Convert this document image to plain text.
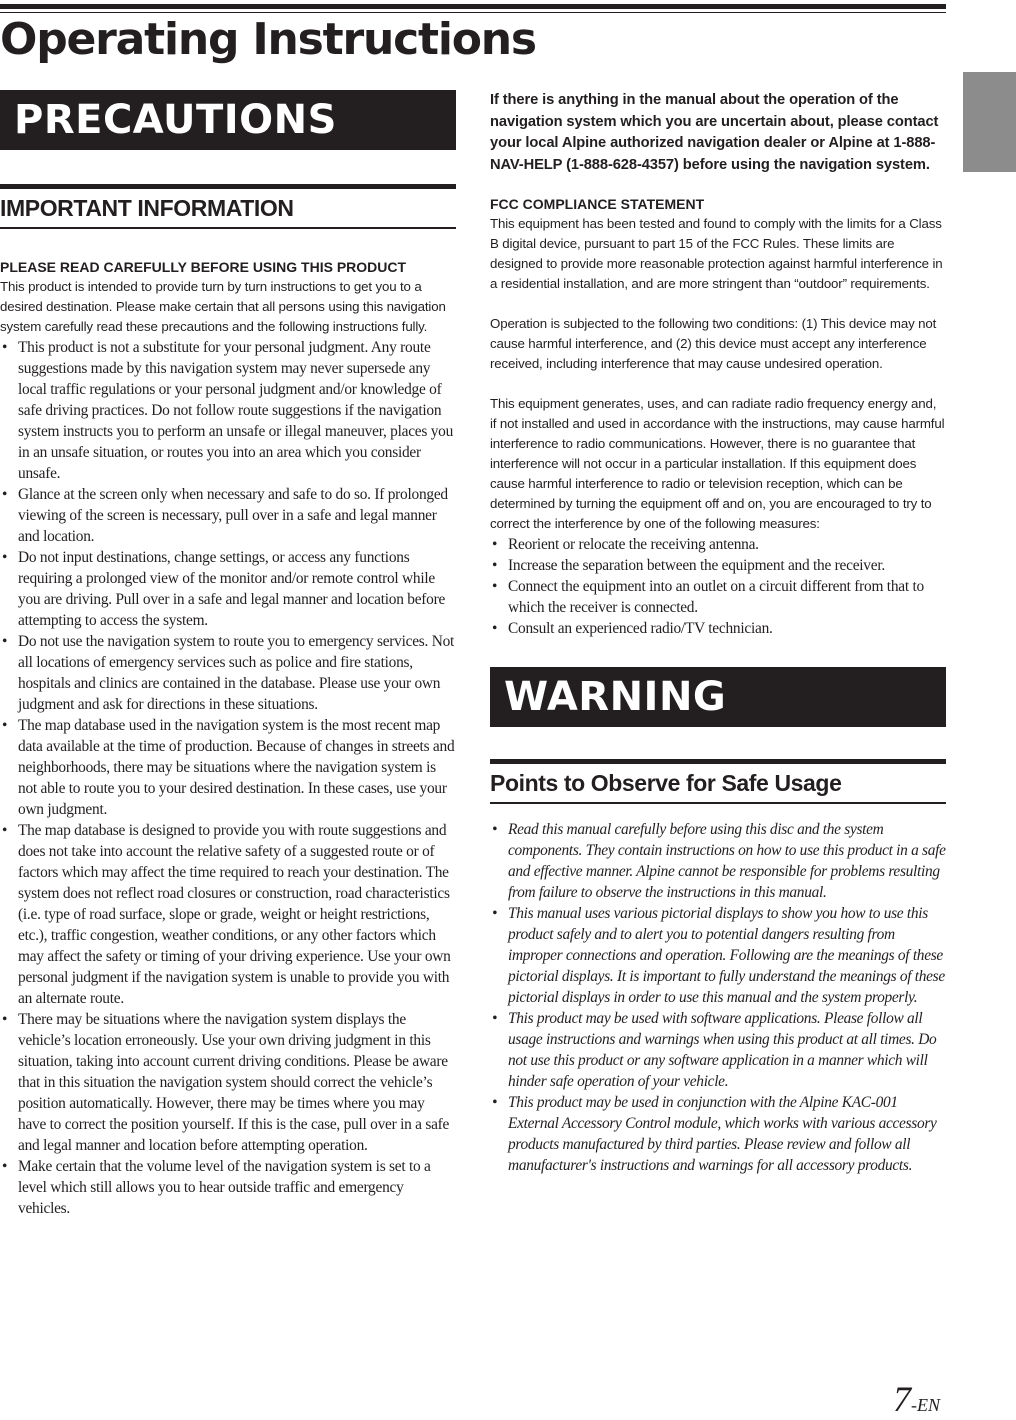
Operating Instructions
PRECAUTIONS
IMPORTANT INFORMATION

PLEASE READ CAREFULLY BEFORE USING THIS PRODUCT

This product is intended to provide turn by turn instructions to get you to a desired destination. Please make certain that all persons using this navigation system carefully read these precautions and the following instructions fully.

• This product is not a substitute for your personal judgment. Any route suggestions made by this navigation system may never supersede any local traffic regulations or your personal judgment and/or knowledge of safe driving practices. Do not follow route suggestions if the navigation system instructs you to perform an unsafe or illegal maneuver, places you in an unsafe situation, or routes you into an area which you consider unsafe.
• Glance at the screen only when necessary and safe to do so. If prolonged viewing of the screen is necessary, pull over in a safe and legal manner and location.
• Do not input destinations, change settings, or access any functions requiring a prolonged view of the monitor and/or remote control while you are driving. Pull over in a safe and legal manner and location before attempting to access the system.
• Do not use the navigation system to route you to emergency services. Not all locations of emergency services such as police and fire stations, hospitals and clinics are contained in the database. Please use your own judgment and ask for directions in these situations.
• The map database used in the navigation system is the most recent map data available at the time of production. Because of changes in streets and neighborhoods, there may be situations where the navigation system is not able to route you to your desired destination. In these cases, use your own judgment.
• The map database is designed to provide you with route suggestions and does not take into account the relative safety of a suggested route or of factors which may affect the time required to reach your destination. The system does not reflect road closures or construction, road characteristics (i.e. type of road surface, slope or grade, weight or height restrictions, etc.), traffic congestion, weather conditions, or any other factors which may affect the safety or timing of your driving experience. Use your own personal judgment if the navigation system is unable to provide you with an alternate route.
• There may be situations where the navigation system displays the vehicle’s location erroneously. Use your own driving judgment in this situation, taking into account current driving conditions. Please be aware that in this situation the navigation system should correct the vehicle’s position automatically. However, there may be times where you may have to correct the position yourself. If this is the case, pull over in a safe and legal manner and location before attempting operation.
• Make certain that the volume level of the navigation system is set to a level which still allows you to hear outside traffic and emergency vehicles.

If there is anything in the manual about the operation of the navigation system which you are uncertain about, please contact your local Alpine authorized navigation dealer or Alpine at 1-888-NAV-HELP (1-888-628-4357) before using the navigation system.

FCC COMPLIANCE STATEMENT

This equipment has been tested and found to comply with the limits for a Class B digital device, pursuant to part 15 of the FCC Rules. These limits are designed to provide more reasonable protection against harmful interference in a residential installation, and are more stringent than “outdoor” requirements.

Operation is subjected to the following two conditions: (1) This device may not cause harmful interference, and (2) this device must accept any interference received, including interference that may cause undesired operation.

This equipment generates, uses, and can radiate radio frequency energy and, if not installed and used in accordance with the instructions, may cause harmful interference to radio communications. However, there is no guarantee that interference will not occur in a particular installation. If this equipment does cause harmful interference to radio or television reception, which can be determined by turning the equipment off and on, you are encouraged to try to correct the interference by one of the following measures:

• Reorient or relocate the receiving antenna.
• Increase the separation between the equipment and the receiver.
• Connect the equipment into an outlet on a circuit different from that to which the receiver is connected.
• Consult an experienced radio/TV technician.
WARNING
Points to Observe for Safe Usage
• Read this manual carefully before using this disc and the system components. They contain instructions on how to use this product in a safe and effective manner. Alpine cannot be responsible for problems resulting from failure to observe the instructions in this manual.
• This manual uses various pictorial displays to show you how to use this product safely and to alert you to potential dangers resulting from improper connections and operation. Following are the meanings of these pictorial displays. It is important to fully understand the meanings of these pictorial displays in order to use this manual and the system properly.
• This product may be used with software applications. Please follow all usage instructions and warnings when using this product at all times. Do not use this product or any software application in a manner which will hinder safe operation of your vehicle.
• This product may be used in conjunction with the Alpine KAC-001 External Accessory Control module, which works with various accessory products manufactured by third parties. Please review and follow all manufacturer's instructions and warnings for all accessory products.
7-EN
